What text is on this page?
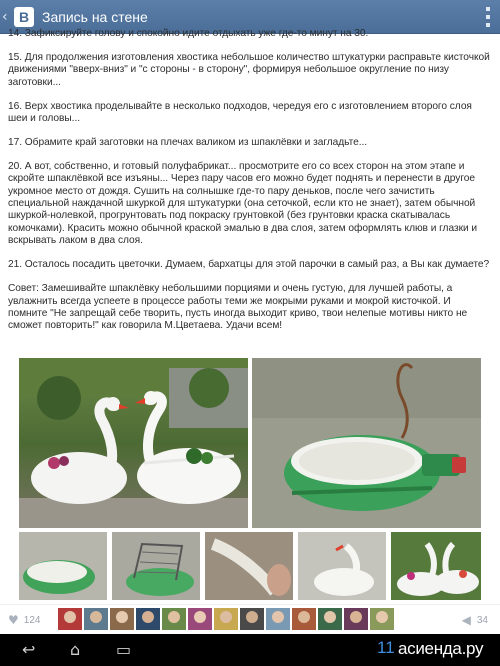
‹ В Запись на стене

14. Зафиксируйте голову и спокойно идите отдыхать уже где-то минут на 30.

15. Для продолжения изготовления хвостика небольшое количество штукатурки расправьте кисточкой движениями "вверх-вниз" и "с стороны - в сторону", формируя небольшое округление по низу заготовки...

16. Верх хвостика проделывайте в несколько подходов, чередуя его с изготовлением второго слоя шеи и головы...

17. Обрамите край заготовки на плечах валиком из шпаклёвки и загладьте...

20. А вот, собственно, и готовый полуфабрикат... просмотрите его со всех сторон на этом этапе и скройте шпаклёвкой все изъяны... Через пару часов его можно будет поднять и перенести в другое укромное место от дождя. Сушить на солнышке где-то пару деньков, после чего зачистить специальной наждачной шкуркой для штукатурки (она сеточкой, если кто не знает), затем обычной шкуркой-нолевкой, прогрунтовать под покраску грунтовкой (без грунтовки краска скатывалась комочками). Красить можно обычной краской эмалью в два слоя, затем оформлять клюв и глазки и вскрывать лаком в два слоя.

21. Осталось посадить цветочки. Думаем, бархатцы для этой парочки в самый раз, а Вы как думаете?

Совет: Замешивайте шпаклёвку небольшими порциями и очень густую, для лучшей работы, а увлажнить всегда успеете в процессе работы теми же мокрыми руками и мокрой кисточкой. И помните "Не запрещай себе творить, пусть иногда выходит криво, твои нелепые мотивы никто не сможет повторить!" как говорила М.Цветаева. Удачи всем!

♥ 124	◀ 34
↩ ⌂ ▭	11 асиендa.ру
